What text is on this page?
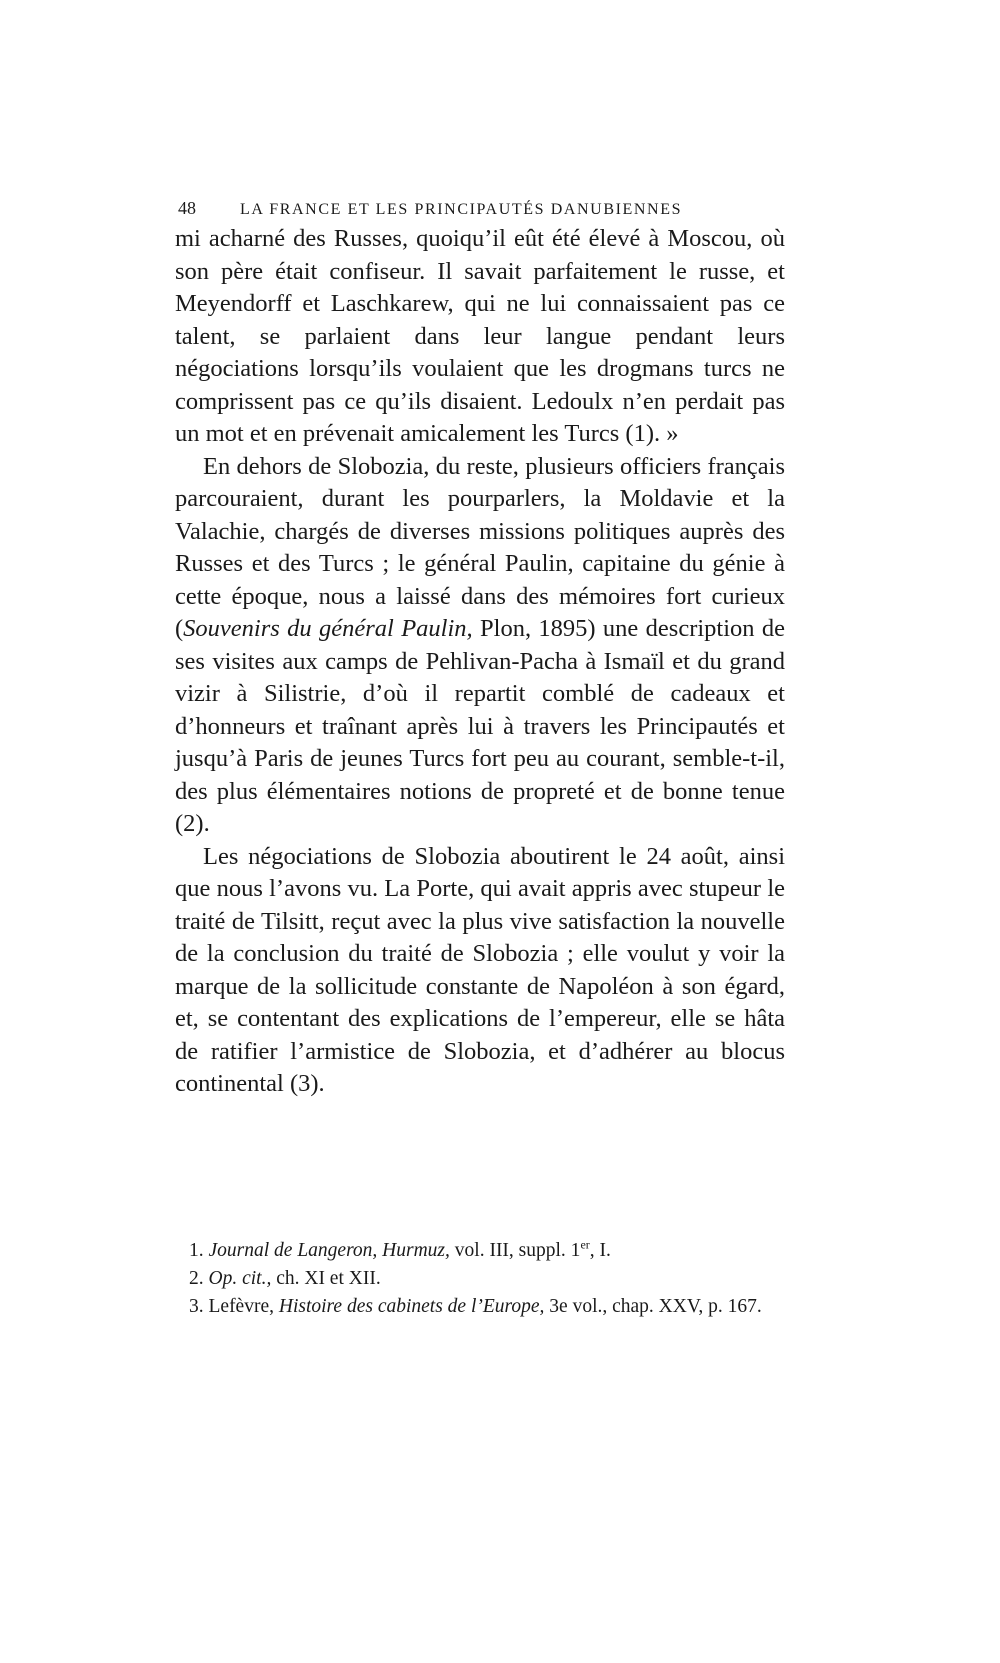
48	LA FRANCE ET LES PRINCIPAUTÉS DANUBIENNES

mi acharné des Russes, quoiqu’il eût été élevé à Moscou, où son père était confiseur. Il savait parfaitement le russe, et Meyendorff et Laschkarew, qui ne lui connaissaient pas ce talent, se parlaient dans leur langue pendant leurs négociations lorsqu’ils voulaient que les drogmans turcs ne comprissent pas ce qu’ils disaient. Ledoulx n’en perdait pas un mot et en prévenait amicalement les Turcs (1). »

En dehors de Slobozia, du reste, plusieurs officiers français parcouraient, durant les pourparlers, la Moldavie et la Valachie, chargés de diverses missions politiques auprès des Russes et des Turcs ; le général Paulin, capitaine du génie à cette époque, nous a laissé dans des mémoires fort curieux (Souvenirs du général Paulin, Plon, 1895) une description de ses visites aux camps de Pehlivan-Pacha à Ismaïl et du grand vizir à Silistrie, d’où il repartit comblé de cadeaux et d’honneurs et traînant après lui à travers les Principautés et jusqu’à Paris de jeunes Turcs fort peu au courant, semble-t-il, des plus élémentaires notions de propreté et de bonne tenue (2).

Les négociations de Slobozia aboutirent le 24 août, ainsi que nous l’avons vu. La Porte, qui avait appris avec stupeur le traité de Tilsitt, reçut avec la plus vive satisfaction la nouvelle de la conclusion du traité de Slobozia ; elle voulut y voir la marque de la sollicitude constante de Napoléon à son égard, et, se contentant des explications de l’empereur, elle se hâta de ratifier l’armistice de Slobozia, et d’adhérer au blocus continental (3).

1. Journal de Langeron, Hurmuz, vol. III, suppl. 1er, I.

2. Op. cit., ch. XI et XII.

3. Lefèvre, Histoire des cabinets de l’Europe, 3e vol., chap. XXV, p. 167.
